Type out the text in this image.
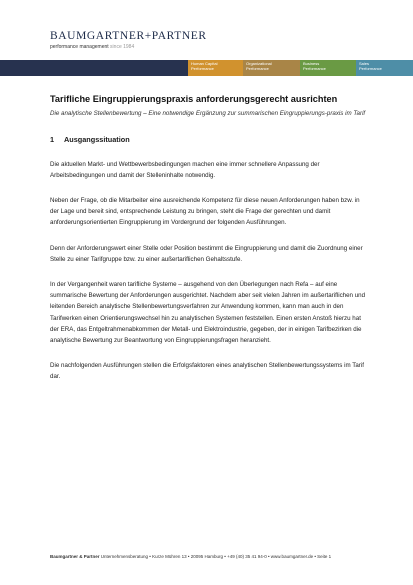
BAUMGARTNER+PARTNER
performance management since 1984
Human Capital
Performance
Organizational
Performance
Business
Performance
Sales
Performance
Tarifliche Eingruppierungspraxis anforderungsgerecht ausrichten
Die analytische Stellenbewertung – Eine notwendige Ergänzung zur summarischen Eingruppierungs-praxis im Tarif
1 Ausgangssituation

Die aktuellen Markt- und Wettbewerbsbedingungen machen eine immer schnellere Anpassung der Arbeitsbedingungen und damit der Stelleninhalte notwendig.

Neben der Frage, ob die Mitarbeiter eine ausreichende Kompetenz für diese neuen Anforderungen haben bzw. in der Lage und bereit sind, entsprechende Leistung zu bringen, steht die Frage der gerechten und damit anforderungsorientierten Eingruppierung im Vordergrund der folgenden Ausführungen.

Denn der Anforderungswert einer Stelle oder Position bestimmt die Eingruppierung und damit die Zuordnung einer Stelle zu einer Tarifgruppe bzw. zu einer außertariflichen Gehaltsstufe.

In der Vergangenheit waren tarifliche Systeme – ausgehend von den Überlegungen nach Refa – auf eine summarische Bewertung der Anforderungen ausgerichtet. Nachdem aber seit vielen Jahren im außertariflichen und leitenden Bereich analytische Stellenbewertungsverfahren zur Anwendung kommen, kann man auch in den Tarifwerken einen Orientierungswechsel hin zu analytischen Systemen feststellen. Einen ersten Anstoß hierzu hat der ERA, das Entgeltrahmenabkommen der Metall- und Elektroindustrie, gegeben, der in einigen Tarifbezirken die analytische Bewertung zur Beantwortung von Eingruppierungsfragen heranzieht.

Die nachfolgenden Ausführungen stellen die Erfolgsfaktoren eines analytischen Stellenbewertungssystems im Tarif dar.

Baumgartner & Partner Unternehmensberatung • Kurze Mühren 13 • 20095 Hamburg • +49 (40) 35 41 94-0 • www.baumgartner.de • Seite 1
